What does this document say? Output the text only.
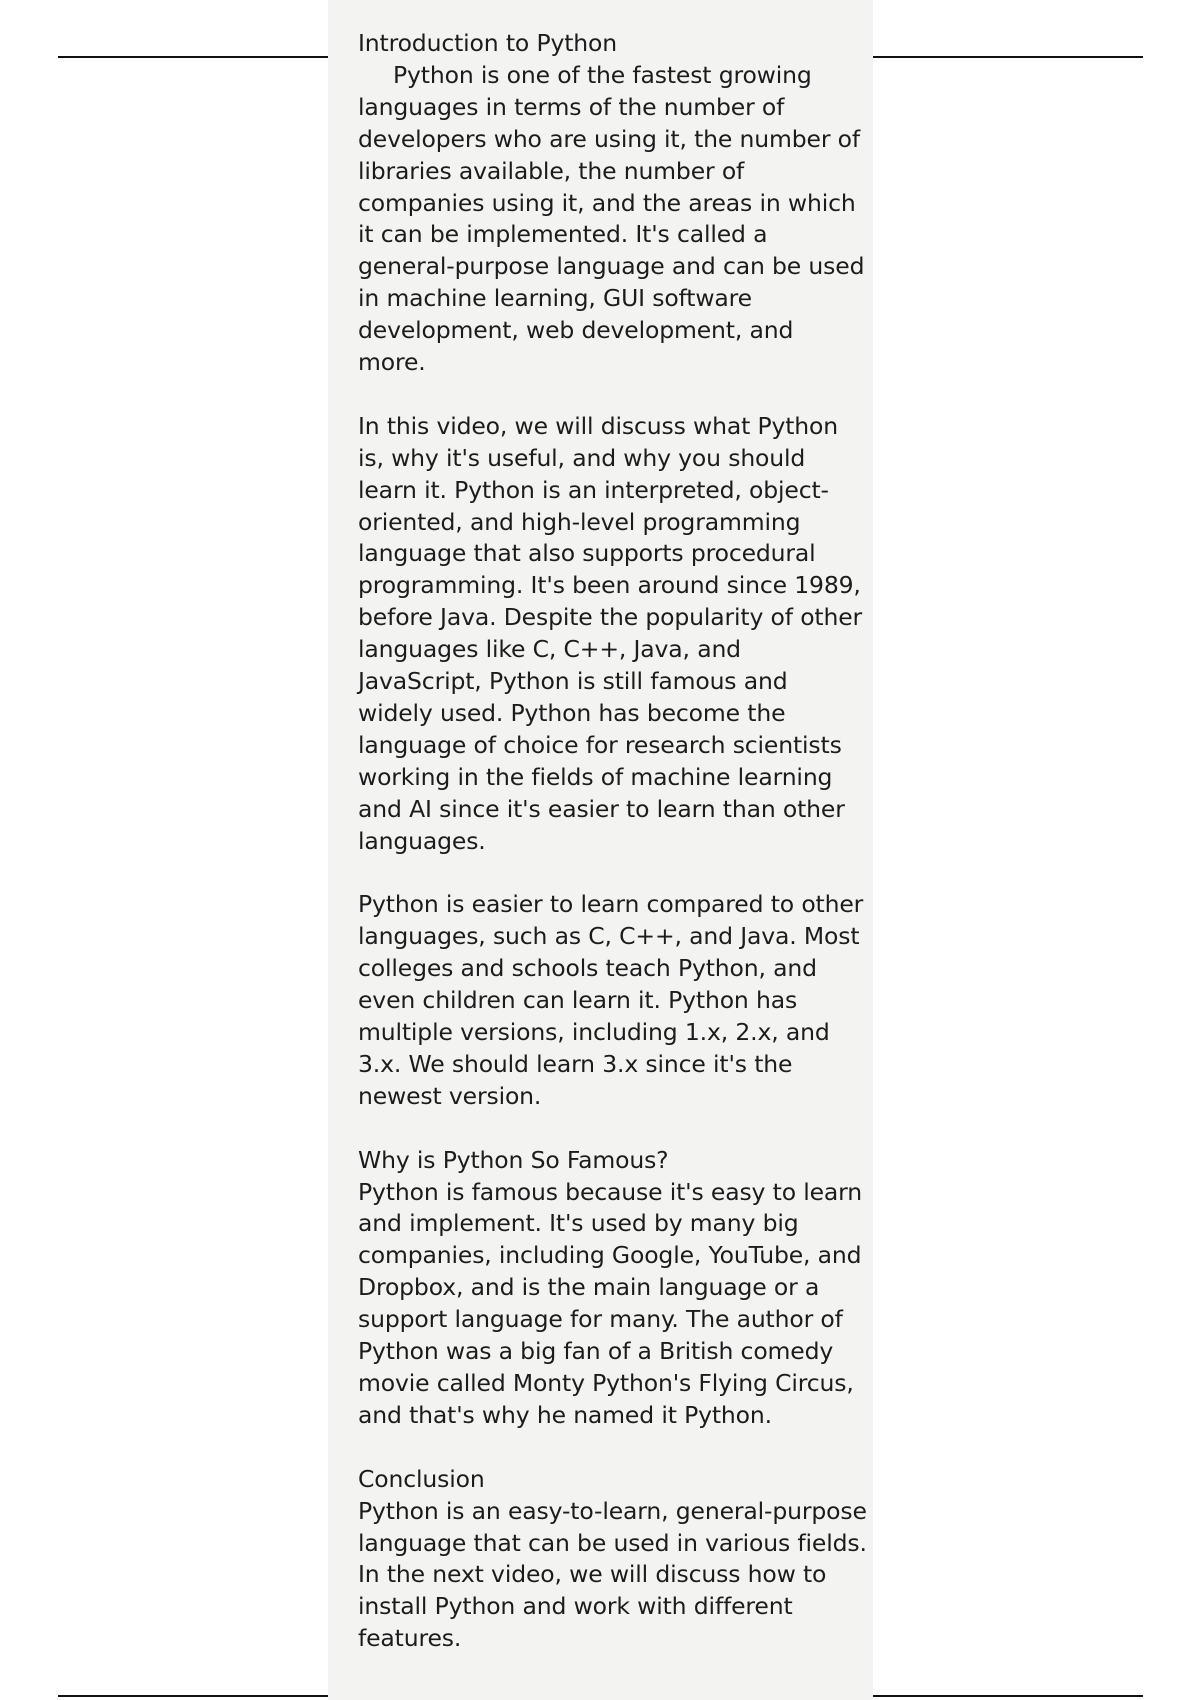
Introduction to Python

Python is one of the fastest growing languages in terms of the number of developers who are using it, the number of libraries available, the number of companies using it, and the areas in which it can be implemented. It's called a general-purpose language and can be used in machine learning, GUI software development, web development, and more.

In this video, we will discuss what Python is, why it's useful, and why you should learn it. Python is an interpreted, object-oriented, and high-level programming language that also supports procedural programming. It's been around since 1989, before Java. Despite the popularity of other languages like C, C++, Java, and JavaScript, Python is still famous and widely used. Python has become the language of choice for research scientists working in the fields of machine learning and AI since it's easier to learn than other languages.

Python is easier to learn compared to other languages, such as C, C++, and Java. Most colleges and schools teach Python, and even children can learn it. Python has multiple versions, including 1.x, 2.x, and 3.x. We should learn 3.x since it's the newest version.

Why is Python So Famous?

Python is famous because it's easy to learn and implement. It's used by many big companies, including Google, YouTube, and Dropbox, and is the main language or a support language for many. The author of Python was a big fan of a British comedy movie called Monty Python's Flying Circus, and that's why he named it Python.

Conclusion

Python is an easy-to-learn, general-purpose language that can be used in various fields. In the next video, we will discuss how to install Python and work with different features.
